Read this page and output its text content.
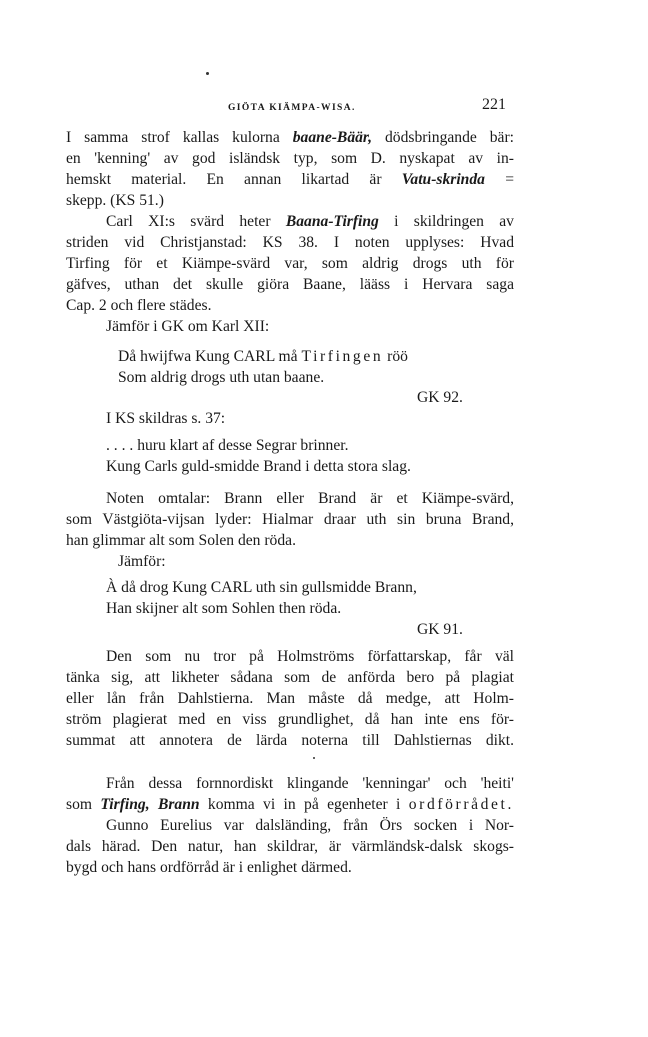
GIÖTA KIÄMPA-WISA.	221
I samma strof kallas kulorna baane-Bäär, dödsbringande bär:
en 'kenning' av god isländsk typ, som D. nyskapat av in-
hemskt material. En annan likartad är Vatu-skrinda =
skepp. (KS 51.)
Carl XI:s svärd heter Baana-Tirfing i skildringen av
striden vid Christjanstad: KS 38. I noten upplyses: Hvad
Tirfing för et Kiämpe-svärd var, som aldrig drogs uth för
gäfves, uthan det skulle giöra Baane, lääss i Hervara saga
Cap. 2 och flere städes.
Jämför i GK om Karl XII:
Då hwijfwa Kung CARL må Tirfingen röö
Som aldrig drogs uth utan baane.
GK 92.
I KS skildras s. 37:
. . . . huru klart af desse Segrar brinner.
Kung Carls guld-smidde Brand i detta stora slag.
Noten omtalar: Brann eller Brand är et Kiämpe-svärd,
som Västgiöta-vijsan lyder: Hialmar draar uth sin bruna Brand,
han glimmar alt som Solen den röda.
Jämför:
À då drog Kung CARL uth sin gullsmidde Brann,
Han skijner alt som Sohlen then röda.
GK 91.
Den som nu tror på Holmströms författarskap, får väl
tänka sig, att likheter sådana som de anförda bero på plagiat
eller lån från Dahlstierna. Man måste då medge, att Holm-
ström plagierat med en viss grundlighet, då han inte ens för-
summat att annotera de lärda noterna till Dahlstiernas dikt.
Från dessa fornnordiskt klingande 'kenningar' och 'heiti'
som Tirfing, Brann komma vi in på egenheter i ordförrådet.
Gunno Eurelius var dalsländing, från Örs socken i Nor-
dals härad. Den natur, han skildrar, är värmländsk-dalsk skogs-
bygd och hans ordförråd är i enlighet därmed.
